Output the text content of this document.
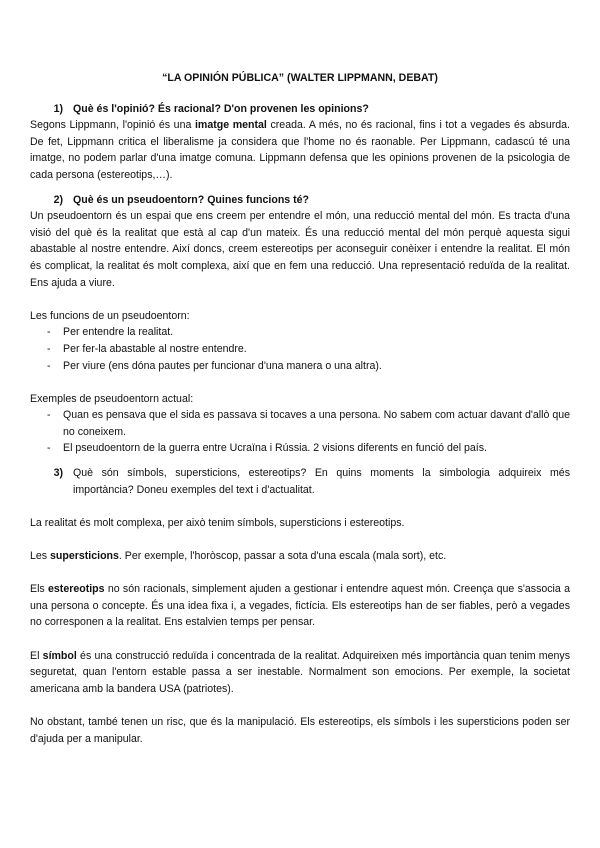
“LA OPINIÓN PÚBLICA” (WALTER LIPPMANN, DEBAT)
1) Què és l'opinió? És racional? D'on provenen les opinions?

Segons Lippmann, l'opinió és una imatge mental creada. A més, no és racional, fins i tot a vegades és absurda. De fet, Lippmann critica el liberalisme ja considera que l'home no és raonable. Per Lippmann, cadascú té una imatge, no podem parlar d'una imatge comuna. Lippmann defensa que les opinions provenen de la psicologia de cada persona (estereotips,…).

2) Què és un pseudoentorn? Quines funcions té?

Un pseudoentorn és un espai que ens creem per entendre el món, una reducció mental del món. Es tracta d'una visió del què és la realitat que està al cap d'un mateix. És una reducció mental del món perquè aquesta sigui abastable al nostre entendre. Així doncs, creem estereotips per aconseguir conèixer i entendre la realitat. El món és complicat, la realitat és molt complexa, així que en fem una reducció. Una representació reduïda de la realitat. Ens ajuda a viure.

Les funcions de un pseudoentorn:

-	Per entendre la realitat.
-	Per fer-la abastable al nostre entendre.
-	Per viure (ens dóna pautes per funcionar d'una manera o una altra).

Exemples de pseudoentorn actual:

-	Quan es pensava que el sida es passava si tocaves a una persona. No sabem com actuar davant d'allò que no coneixem.
-	El pseudoentorn de la guerra entre Ucraïna i Rússia. 2 visions diferents en funció del país.
3) Què són símbols, supersticions, estereotips? En quins moments la simbologia adquireix més importància? Doneu exemples del text i d'actualitat.

La realitat és molt complexa, per això tenim símbols, supersticions i estereotips.

Les supersticions. Per exemple, l'horòscop, passar a sota d'una escala (mala sort), etc.

Els estereotips no són racionals, simplement ajuden a gestionar i entendre aquest món. Creença que s'associa a una persona o concepte. És una idea fixa i, a vegades, fictícia. Els estereotips han de ser fiables, però a vegades no corresponen a la realitat. Ens estalvien temps per pensar.

El símbol és una construcció reduïda i concentrada de la realitat. Adquireixen més importància quan tenim menys seguretat, quan l'entorn estable passa a ser inestable. Normalment son emocions. Per exemple, la societat americana amb la bandera USA (patriotes).

No obstant, també tenen un risc, que és la manipulació. Els estereotips, els símbols i les supersticions poden ser d'ajuda per a manipular.
